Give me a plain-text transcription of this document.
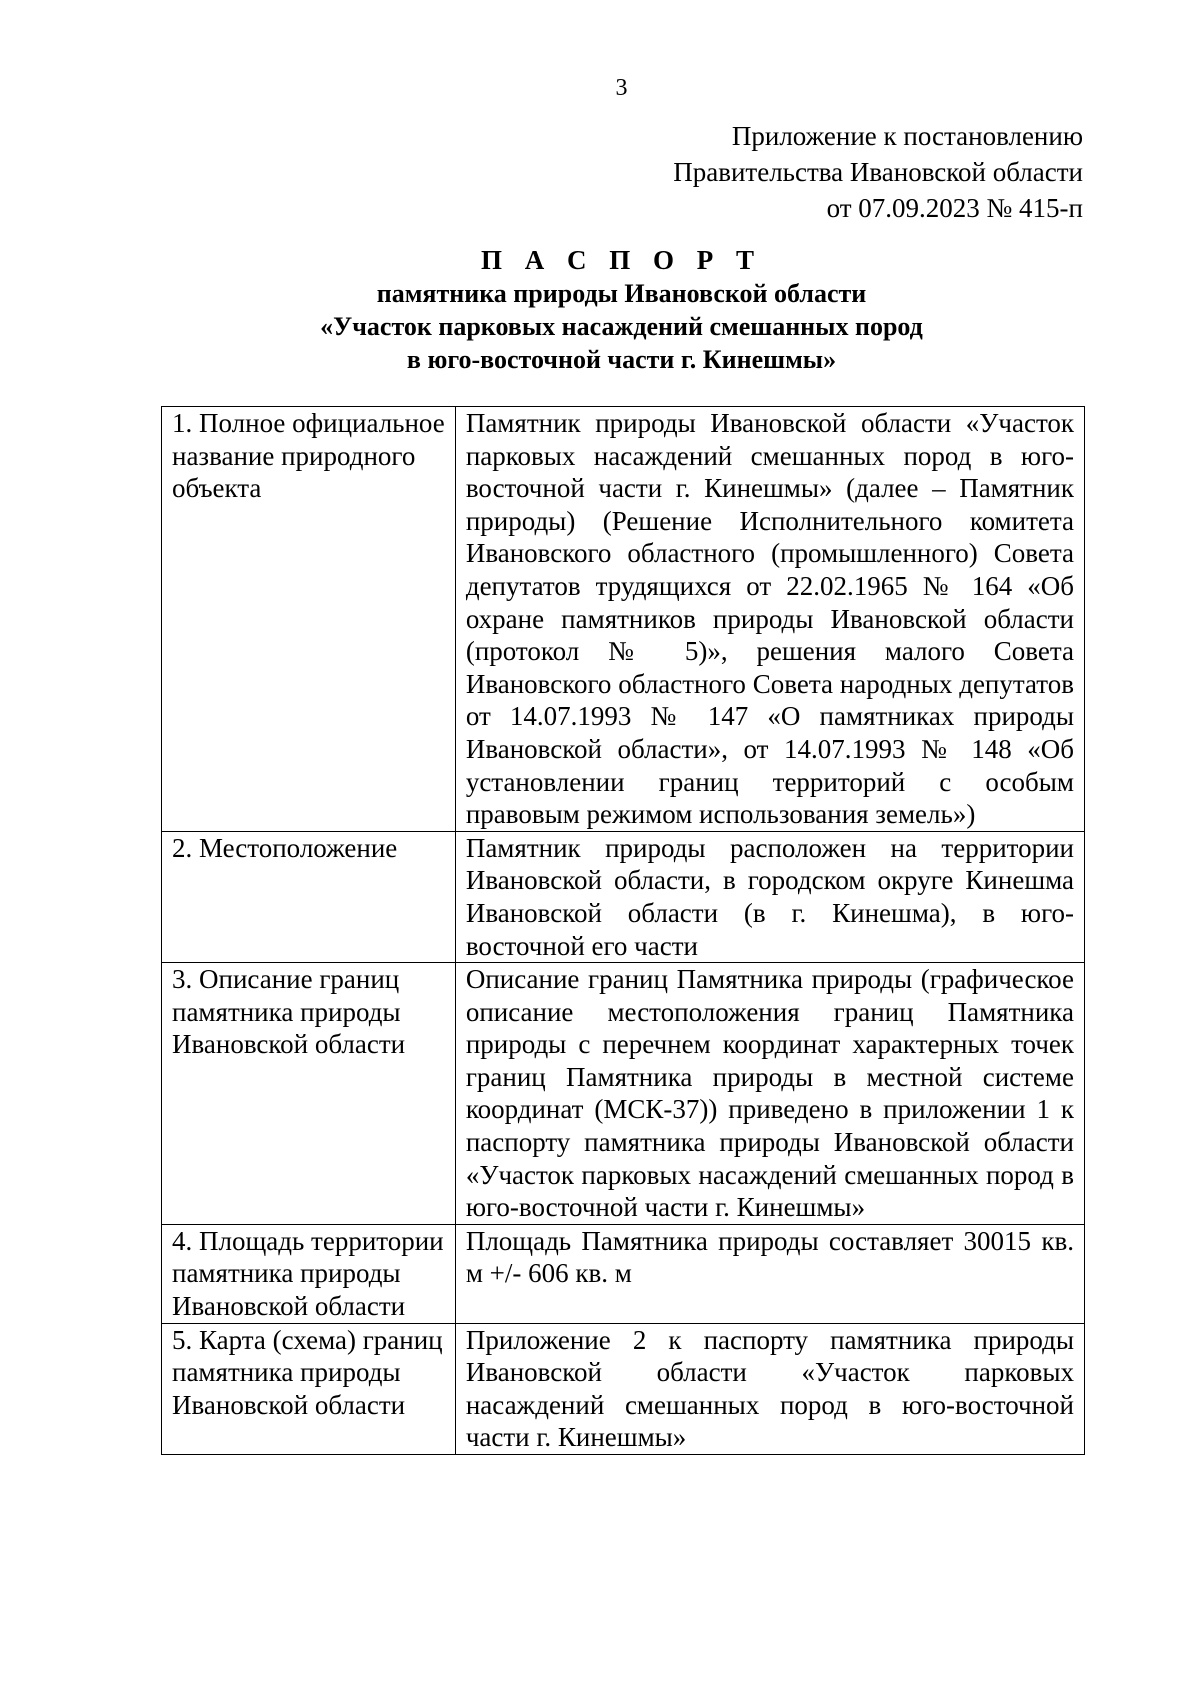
3
Приложение к постановлению
Правительства Ивановской области
от 07.09.2023 № 415-п
П А С П О Р Т
памятника природы Ивановской области
«Участок парковых насаждений смешанных пород
в юго-восточной части г. Кинешмы»
1. Полное официальное название природного объекта	Памятник природы Ивановской области «Участок парковых насаждений смешанных пород в юго-восточной части г. Кинешмы» (далее – Памятник природы) (Решение Исполнительного комитета Ивановского областного (промышленного) Совета депутатов трудящихся от 22.02.1965 № 164 «Об охране памятников природы Ивановской области (протокол № 5)», решения малого Совета Ивановского областного Совета народных депутатов от 14.07.1993 № 147 «О памятниках природы Ивановской области», от 14.07.1993 № 148 «Об установлении границ территорий с особым правовым режимом использования земель»)
2. Местоположение	Памятник природы расположен на территории Ивановской области, в городском округе Кинешма Ивановской области (в г. Кинешма), в юго-восточной его части
3. Описание границ памятника природы Ивановской области	Описание границ Памятника природы (графическое описание местоположения границ Памятника природы с перечнем координат характерных точек границ Памятника природы в местной системе координат (МСК-37)) приведено в приложении 1 к паспорту памятника природы Ивановской области «Участок парковых насаждений смешанных пород в юго-восточной части г. Кинешмы»
4. Площадь территории памятника природы Ивановской области	Площадь Памятника природы составляет 30015 кв. м +/- 606 кв. м
5. Карта (схема) границ памятника природы Ивановской области	Приложение 2 к паспорту памятника природы Ивановской области «Участок парковых насаждений смешанных пород в юго-восточной части г. Кинешмы»
